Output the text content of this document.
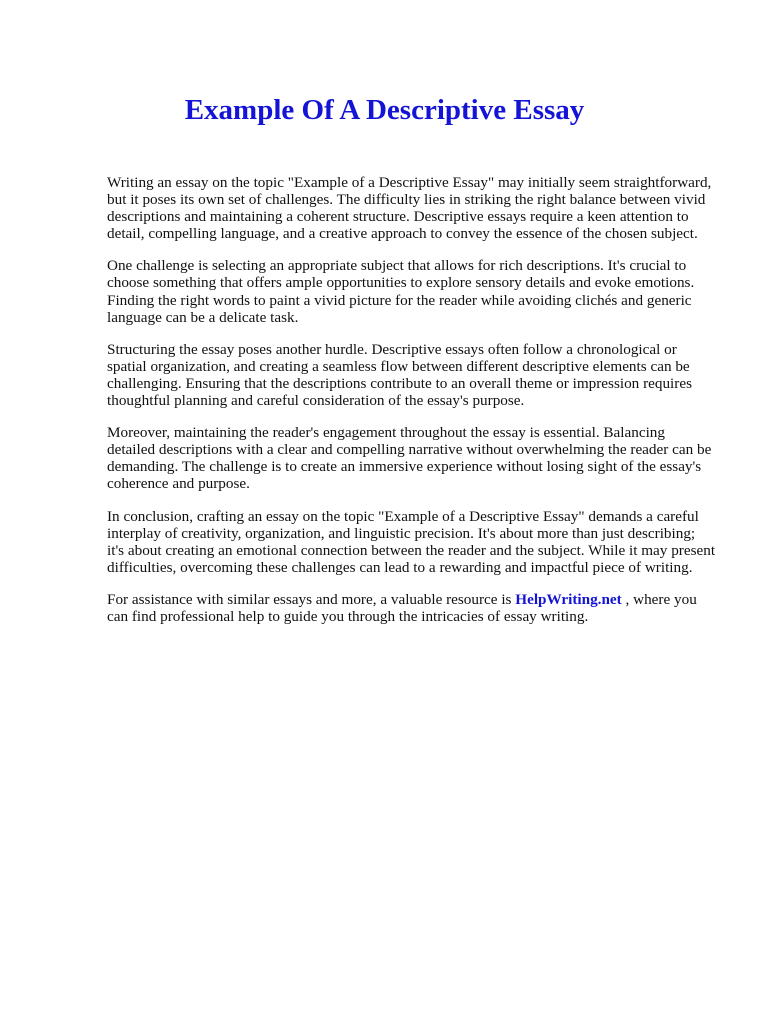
Example Of A Descriptive Essay

Writing an essay on the topic "Example of a Descriptive Essay" may initially seem straightforward, but it poses its own set of challenges. The difficulty lies in striking the right balance between vivid descriptions and maintaining a coherent structure. Descriptive essays require a keen attention to detail, compelling language, and a creative approach to convey the essence of the chosen subject.

One challenge is selecting an appropriate subject that allows for rich descriptions. It's crucial to choose something that offers ample opportunities to explore sensory details and evoke emotions. Finding the right words to paint a vivid picture for the reader while avoiding clichés and generic language can be a delicate task.

Structuring the essay poses another hurdle. Descriptive essays often follow a chronological or spatial organization, and creating a seamless flow between different descriptive elements can be challenging. Ensuring that the descriptions contribute to an overall theme or impression requires thoughtful planning and careful consideration of the essay's purpose.

Moreover, maintaining the reader's engagement throughout the essay is essential. Balancing detailed descriptions with a clear and compelling narrative without overwhelming the reader can be demanding. The challenge is to create an immersive experience without losing sight of the essay's coherence and purpose.

In conclusion, crafting an essay on the topic "Example of a Descriptive Essay" demands a careful interplay of creativity, organization, and linguistic precision. It's about more than just describing; it's about creating an emotional connection between the reader and the subject. While it may present difficulties, overcoming these challenges can lead to a rewarding and impactful piece of writing.

For assistance with similar essays and more, a valuable resource is HelpWriting.net , where you can find professional help to guide you through the intricacies of essay writing.
